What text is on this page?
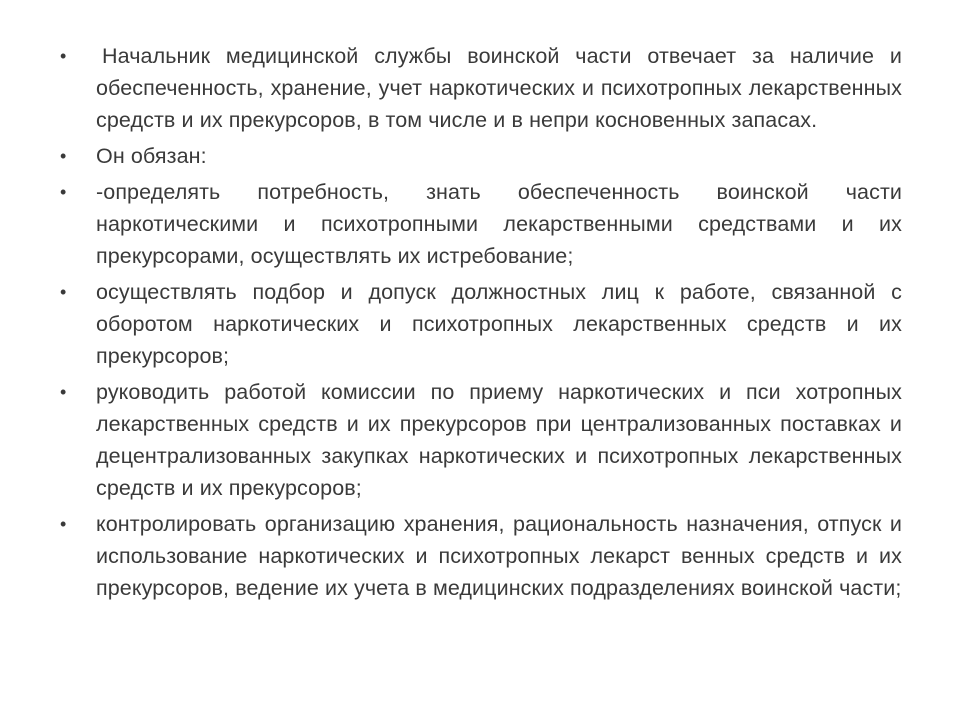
• Начальник медицинской службы воинской части отвечает за наличие и обеспеченность, хранение, учет наркотических и психотропных лекарственных средств и их прекурсоров, в том числе и в непри косновенных запасах.
• Он обязан:
• -определять потребность, знать обеспеченность воинской части наркотическими и психотропными лекарственными средствами и их прекурсорами, осуществлять их истребование;
• осуществлять подбор и допуск должностных лиц к работе, связанной с оборотом наркотических и психотропных лекарственных средств и их прекурсоров;
• руководить работой комиссии по приему наркотических и пси хотропных лекарственных средств и их прекурсоров при централизованных поставках и децентрализованных закупках наркотических и психотропных лекарственных средств и их прекурсоров;
• контролировать организацию хранения, рациональность назначения, отпуск и использование наркотических и психотропных лекарст венных средств и их прекурсоров, ведение их учета в медицинских подразделениях воинской части;
